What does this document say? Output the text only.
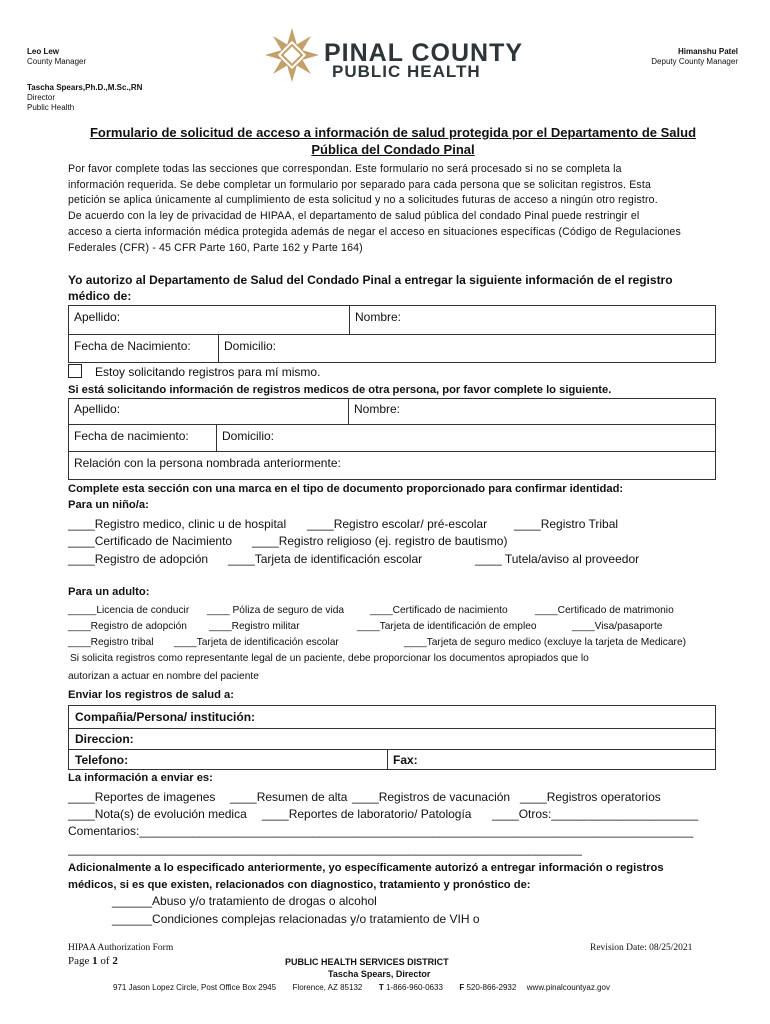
Leo Lew
County Manager
Tascha Spears,Ph.D.,M.Sc.,RN
Director
Public Health
Himanshu Patel
Deputy County Manager
PINAL COUNTY
PUBLIC HEALTH
Formulario de solicitud de acceso a información de salud protegida por el Departamento de Salud
Pública del Condado Pinal
Por favor complete todas las secciones que correspondan. Este formulario no será procesado si no se completa la
información requerida. Se debe completar un formulario por separado para cada persona que se solicitan registros. Esta
petición se aplica únicamente al cumplimiento de esta solicitud y no a solicitudes futuras de acceso a ningún otro registro.
De acuerdo con la ley de privacidad de HIPAA, el departamento de salud pública del condado Pinal puede restringir el
acceso a cierta información médica protegida además de negar el acceso en situaciones específicas (Código de Regulaciones
Federales (CFR) - 45 CFR Parte 160, Parte 162 y Parte 164)
Yo autorizo al Departamento de Salud del Condado Pinal a entregar la siguiente información de el registro
médico de:
Apellido:	Nombre:
Fecha de Nacimiento:	Domicilio:
Estoy solicitando registros para mí mismo.
Si está solicitando información de registros medicos de otra persona, por favor complete lo siguiente.
Apellido:	Nombre:
Fecha de nacimiento:	Domicilio:
Relación con la persona nombrada anteriormente:
Complete esta sección con una marca en el tipo de documento proporcionado para confirmar identidad:
Para un niño/a:
____Registro medico, clinic u de hospital ____Registro escolar/ pré-escolar ____Registro Tribal
____Certificado de Nacimiento ____Registro religioso (ej. registro de bautismo)
____Registro de adopción ____Tarjeta de identificación escolar	____ Tutela/aviso al proveedor
Para un adulto:
_____Licencia de conducir ____ Póliza de seguro de vida	____Certificado de nacimiento	____Certificado de matrimonio
____Registro de adopción ____Registro militar	____Tarjeta de identificación de empleo	____Visa/pasaporte
____Registro tribal ____Tarjeta de identificación escolar	____Tarjeta de seguro medico (excluye la tarjeta de Medicare)
Si solicita registros como representante legal de un paciente, debe proporcionar los documentos apropiados que lo
autorizan a actuar en nombre del paciente
Enviar los registros de salud a:
Compañia/Persona/ institución:
Direccion:
Telefono:	Fax:
La información a enviar es:
____Reportes de imagenes ____Resumen de alta ____Registros de vacunación ____Registros operatorios
____Nota(s) de evolución medica ____Reportes de laboratorio/ Patología ____Otros:______________________
Comentarios:___________________________________________________________________________________
_____________________________________________________________________________
Adicionalmente a lo especificado anteriormente, yo específicamente autorizó a entregar información o registros
médicos, si es que existen, relacionados con diagnostico, tratamiento y pronóstico de:
______Abuso y/o tratamiento de drogas o alcohol
______Condiciones complejas relacionadas y/o tratamiento de VIH o
HIPAA Authorization Form
Page 1 of 2
Revision Date: 08/25/2021
PUBLIC HEALTH SERVICES DISTRICT
Tascha Spears, Director
971 Jason Lopez Circle, Post Office Box 2945 Florence, AZ 85132 T 1-866-960-0633 F 520-866-2932 www.pinalcountyaz.gov
